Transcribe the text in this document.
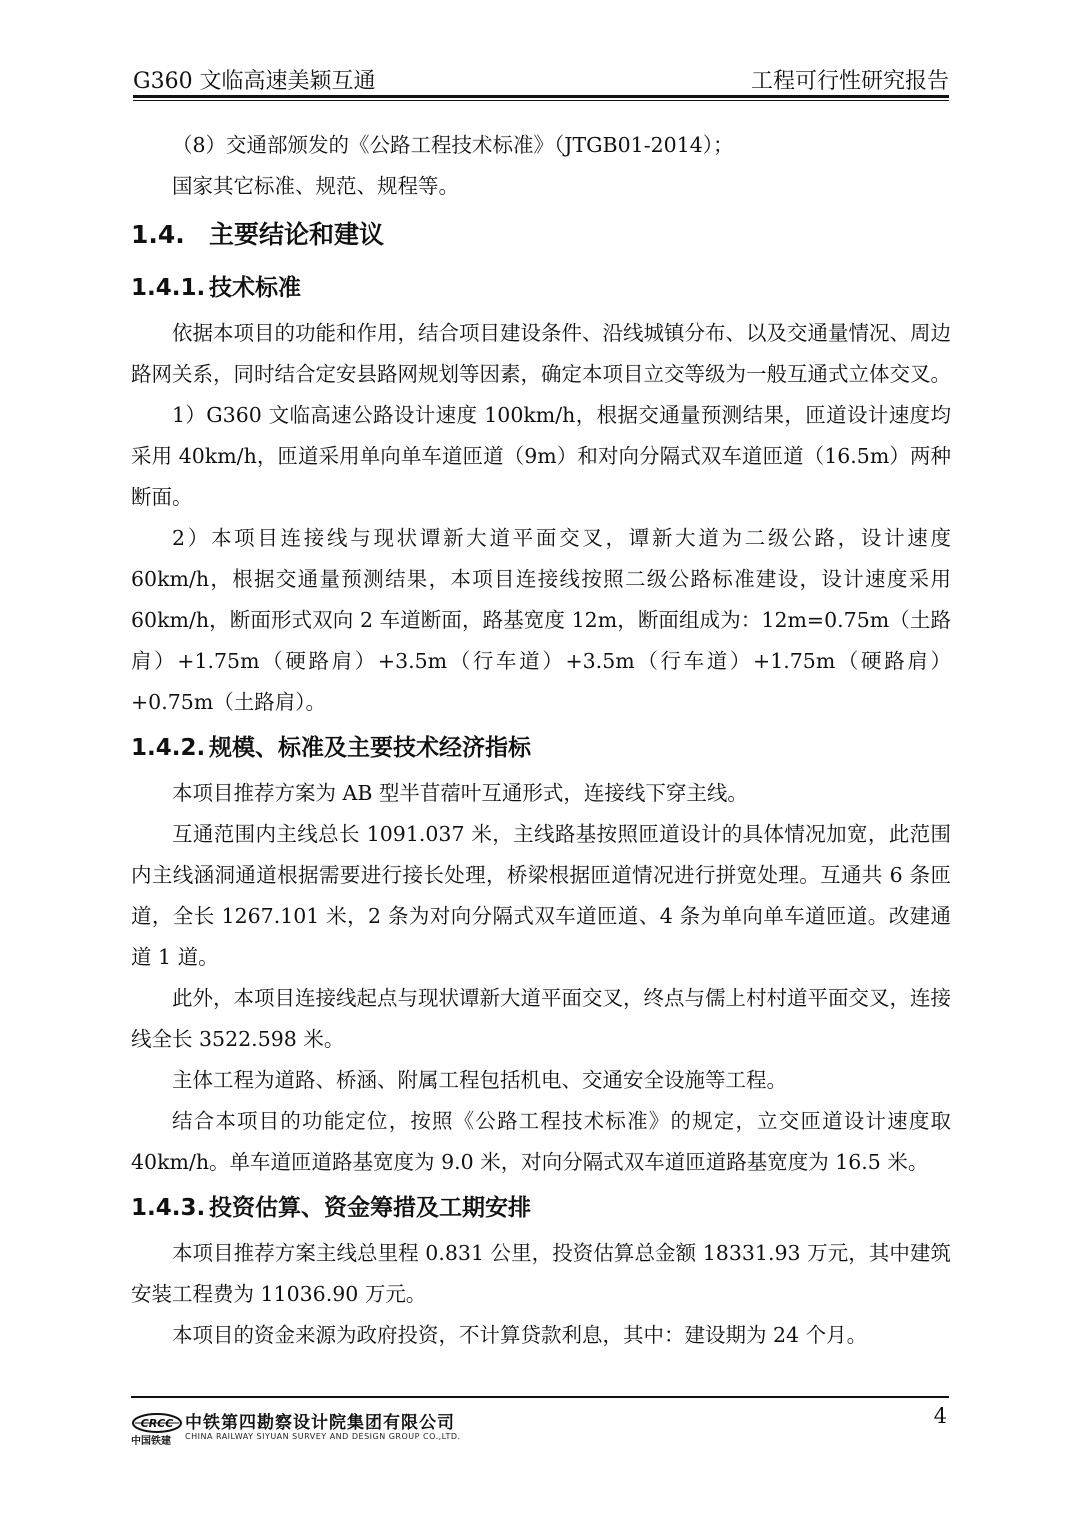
G360 文临高速美颖互通	工程可行性研究报告

（8）交通部颁发的《公路工程技术标准》（JTGB01-2014）；

国家其它标准、规范、规程等。

1.4. 主要结论和建议
1.4.1. 技术标准

依据本项目的功能和作用，结合项目建设条件、沿线城镇分布、以及交通量情况、周边路网关系，同时结合定安县路网规划等因素，确定本项目立交等级为一般互通式立体交叉。

1）G360 文临高速公路设计速度 100km/h，根据交通量预测结果，匝道设计速度均采用 40km/h，匝道采用单向单车道匝道（9m）和对向分隔式双车道匝道（16.5m）两种断面。

2）本项目连接线与现状谭新大道平面交叉，谭新大道为二级公路，设计速度 60km/h，根据交通量预测结果，本项目连接线按照二级公路标准建设，设计速度采用 60km/h，断面形式双向 2 车道断面，路基宽度 12m，断面组成为：12m=0.75m（土路肩）+1.75m（硬路肩）+3.5m（行车道）+3.5m（行车道）+1.75m（硬路肩）+0.75m（土路肩）。

1.4.2. 规模、标准及主要技术经济指标

本项目推荐方案为 AB 型半苜蓿叶互通形式，连接线下穿主线。

互通范围内主线总长 1091.037 米，主线路基按照匝道设计的具体情况加宽，此范围内主线涵洞通道根据需要进行接长处理，桥梁根据匝道情况进行拼宽处理。互通共 6 条匝道，全长 1267.101 米，2 条为对向分隔式双车道匝道、4 条为单向单车道匝道。改建通道 1 道。

此外，本项目连接线起点与现状谭新大道平面交叉，终点与儒上村村道平面交叉，连接线全长 3522.598 米。

主体工程为道路、桥涵、附属工程包括机电、交通安全设施等工程。

结合本项目的功能定位，按照《公路工程技术标准》的规定，立交匝道设计速度取 40km/h。单车道匝道路基宽度为 9.0 米，对向分隔式双车道匝道路基宽度为 16.5 米。

1.4.3. 投资估算、资金筹措及工期安排

本项目推荐方案主线总里程 0.831 公里，投资估算总金额 18331.93 万元，其中建筑安装工程费为 11036.90 万元。

本项目的资金来源为政府投资，不计算贷款利息，其中：建设期为 24 个月。

CRCC
中国铁建
中铁第四勘察设计院集团有限公司
CHINA RAILWAY SIYUAN SURVEY AND DESIGN GROUP CO.,LTD.
4
